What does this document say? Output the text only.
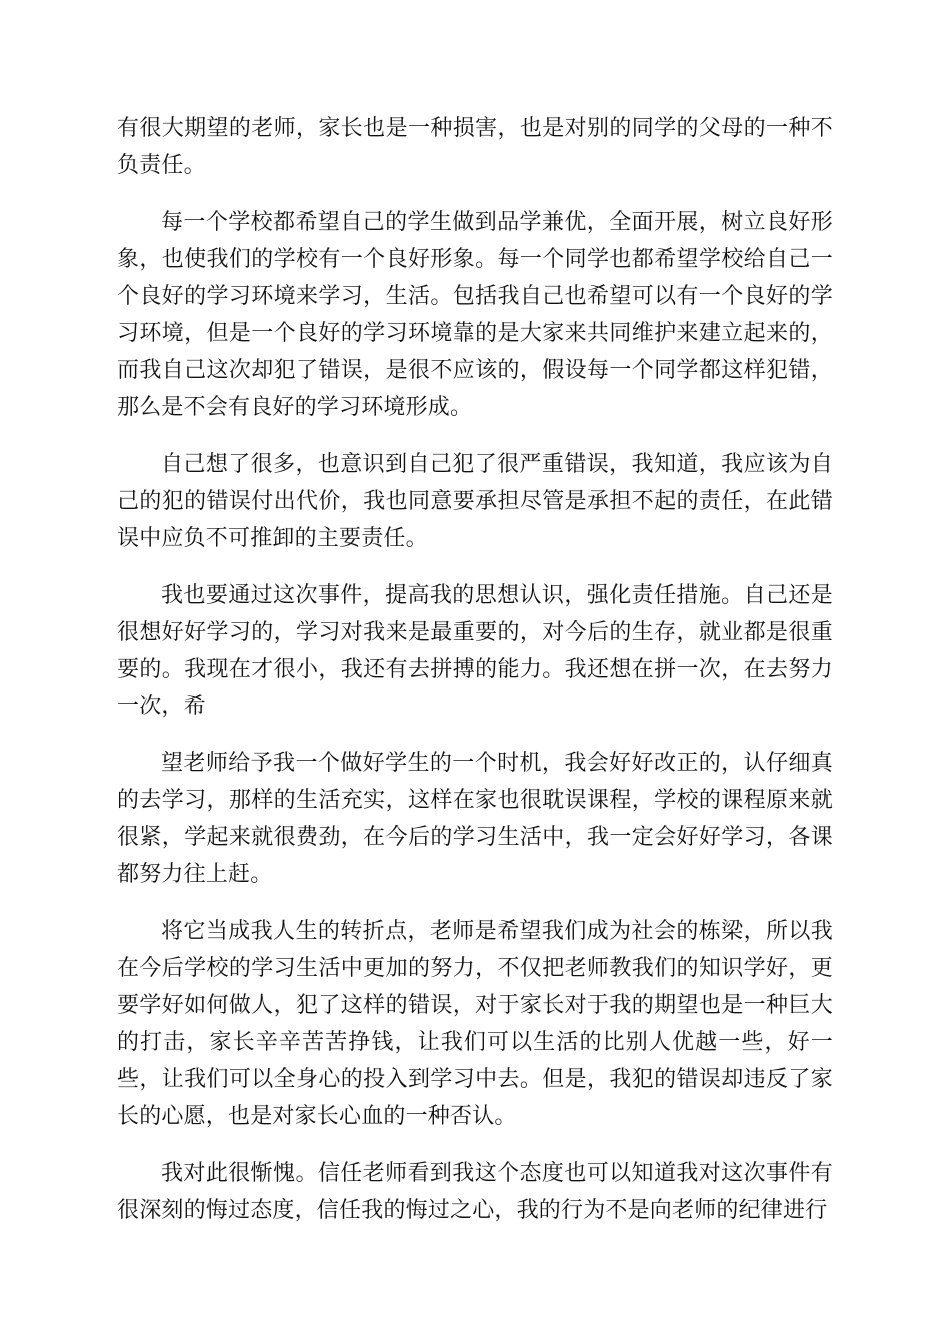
有很大期望的老师，家长也是一种损害，也是对别的同学的父母的一种不负责任。

每一个学校都希望自己的学生做到品学兼优，全面开展，树立良好形象，也使我们的学校有一个良好形象。每一个同学也都希望学校给自己一个良好的学习环境来学习，生活。包括我自己也希望可以有一个良好的学习环境，但是一个良好的学习环境靠的是大家来共同维护来建立起来的，而我自己这次却犯了错误，是很不应该的，假设每一个同学都这样犯错，那么是不会有良好的学习环境形成。

自己想了很多，也意识到自己犯了很严重错误，我知道，我应该为自己的犯的错误付出代价，我也同意要承担尽管是承担不起的责任，在此错误中应负不可推卸的主要责任。

我也要通过这次事件，提高我的思想认识，强化责任措施。自己还是很想好好学习的，学习对我来是最重要的，对今后的生存，就业都是很重要的。我现在才很小，我还有去拼搏的能力。我还想在拼一次，在去努力一次，希

望老师给予我一个做好学生的一个时机，我会好好改正的，认仔细真的去学习，那样的生活充实，这样在家也很耽误课程，学校的课程原来就很紧，学起来就很费劲，在今后的学习生活中，我一定会好好学习，各课都努力往上赶。

将它当成我人生的转折点，老师是希望我们成为社会的栋梁，所以我在今后学校的学习生活中更加的努力，不仅把老师教我们的知识学好，更要学好如何做人，犯了这样的错误，对于家长对于我的期望也是一种巨大的打击，家长辛辛苦苦挣钱，让我们可以生活的比别人优越一些，好一些，让我们可以全身心的投入到学习中去。但是，我犯的错误却违反了家长的心愿，也是对家长心血的一种否认。

我对此很惭愧。信任老师看到我这个态度也可以知道我对这次事件有很深刻的悔过态度，信任我的悔过之心，我的行为不是向老师的纪律进行
